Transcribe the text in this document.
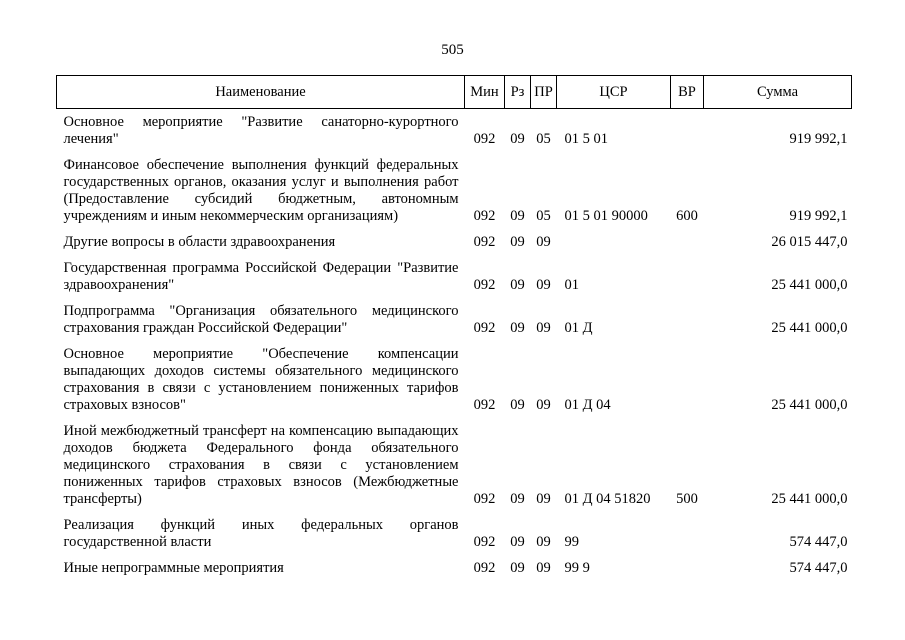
505
Наименование	Мин	Рз	ПР	ЦСР	ВР	Сумма
Основное мероприятие "Развитие санаторно-курортного лечения"	092	09	05	01 5 01		919 992,1
Финансовое обеспечение выполнения функций федеральных государственных органов, оказания услуг и выполнения работ (Предоставление субсидий бюджетным, автономным учреждениям и иным некоммерческим организациям)	092	09	05	01 5 01 90000	600	919 992,1
Другие вопросы в области здравоохранения	092	09	09			26 015 447,0
Государственная программа Российской Федерации "Развитие здравоохранения"	092	09	09	01		25 441 000,0
Подпрограмма "Организация обязательного медицинского страхования граждан Российской Федерации"	092	09	09	01 Д		25 441 000,0
Основное мероприятие "Обеспечение компенсации выпадающих доходов системы обязательного медицинского страхования в связи с установлением пониженных тарифов страховых взносов"	092	09	09	01 Д 04		25 441 000,0
Иной межбюджетный трансферт на компенсацию выпадающих доходов бюджета Федерального фонда обязательного медицинского страхования в связи с установлением пониженных тарифов страховых взносов (Межбюджетные трансферты)	092	09	09	01 Д 04 51820	500	25 441 000,0
Реализация функций иных федеральных органов государственной власти	092	09	09	99		574 447,0
Иные непрограммные мероприятия	092	09	09	99 9		574 447,0
